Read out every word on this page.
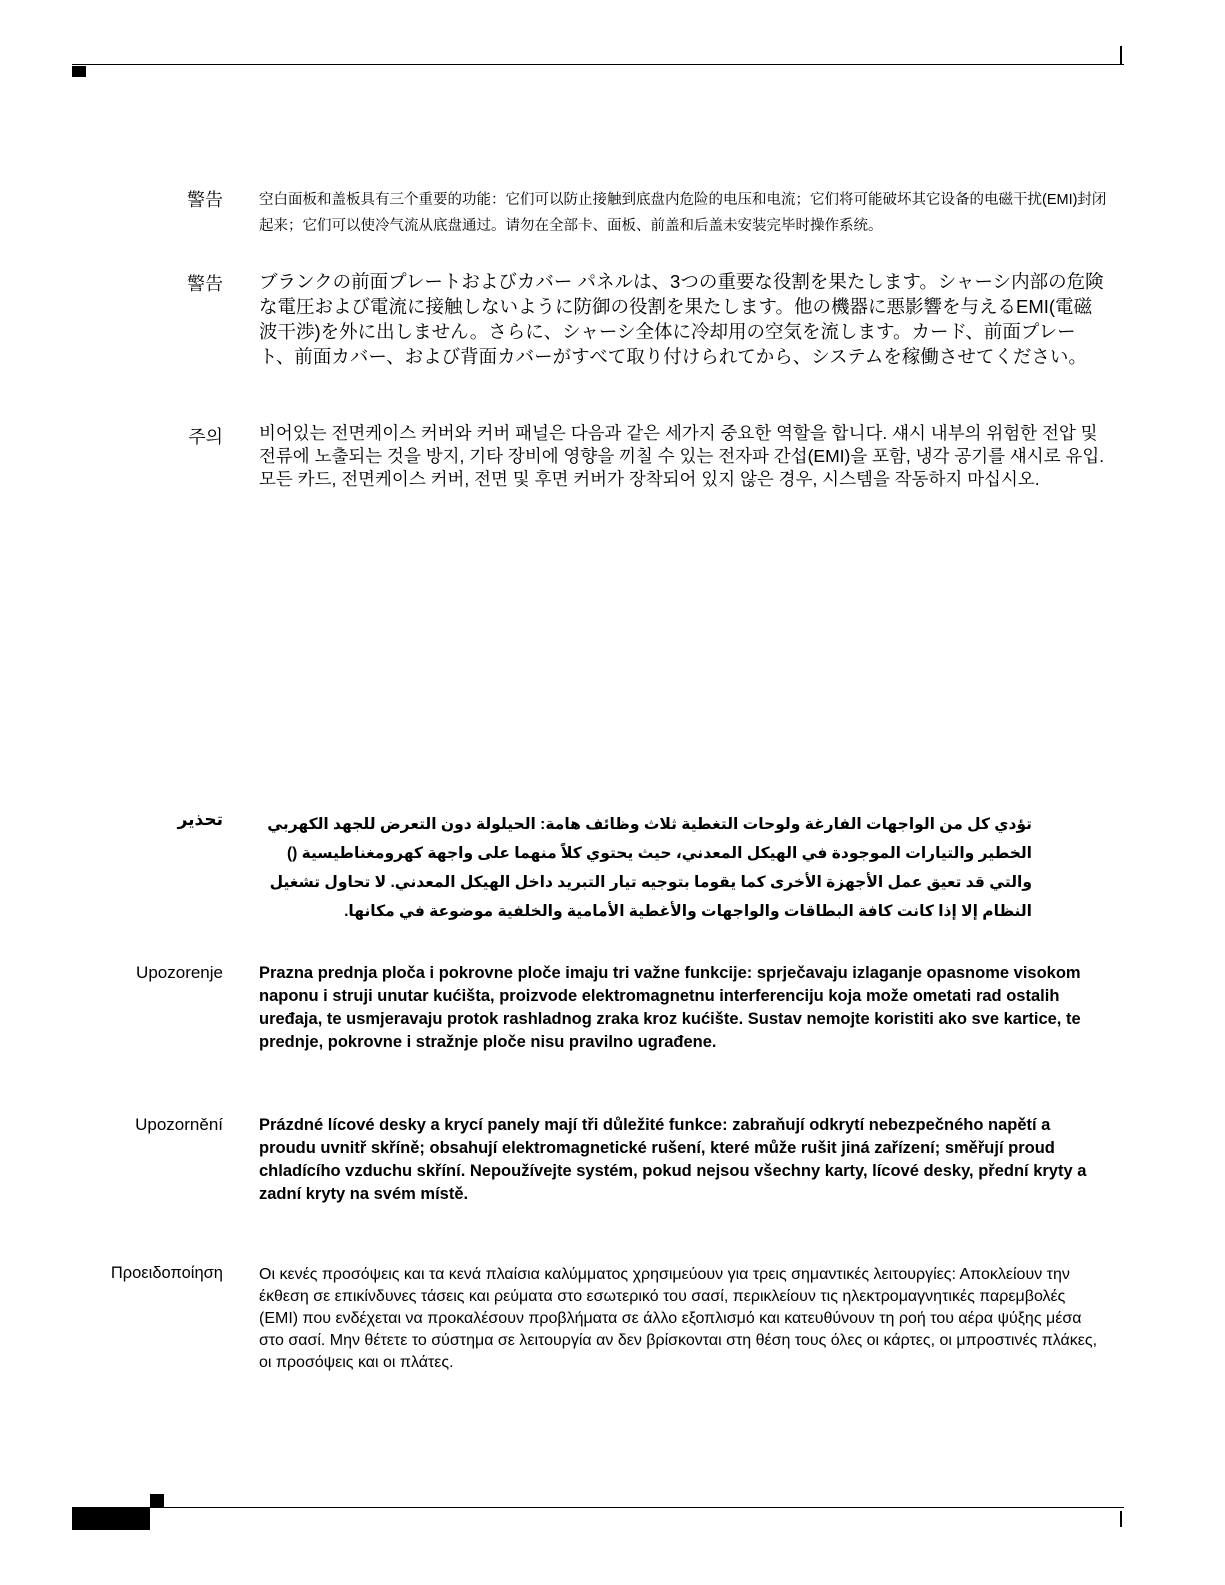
警告 空白面板和盖板具有三个重要的功能：它们可以防止接触到底盘内危险的电压和电流；它们将可能破坏其它设备的电磁干扰(EMI)封闭起来；它们可以使冷气流从底盘通过。请勿在全部卡、面板、前盖和后盖未安装完毕时操作系统。
警告 ブランクの前面プレートおよびカバー パネルは、3つの重要な役割を果たします。シャーシ内部の危険な電圧および電流に接触しないように防御の役割を果たします。他の機器に悪影響を与えるEMI(電磁波干渉)を外に出しません。さらに、シャーシ全体に冷却用の空気を流します。カード、前面プレート、前面カバー、および背面カバーがすべて取り付けられてから、システムを稼働させてください。
주의 비어있는 전면케이스 커버와 커버 패널은 다음과 같은 세가지 중요한 역할을 합니다. 섀시 내부의 위험한 전압 및 전류에 노출되는 것을 방지, 기타 장비에 영향을 끼칠 수 있는 전자파 간섭(EMI)을 포함, 냉각 공기를 섀시로 유입. 모든 카드, 전면케이스 커버, 전면 및 후면 커버가 장착되어 있지 않은 경우, 시스템을 작동하지 마십시오.
تحذير	تؤدي كل من الواجهات الفارغة ولوحات التغطية ثلاث وظائف هامة: الحيلولة دون التعرض للجهد الكهربي الخطير والتيارات الموجودة في الهيكل المعدني، حيث يحتوي كلاً منهما على واجهة كهرومغناطيسية () والتي قد تعيق عمل الأجهزة الأخرى كما يقوما بتوجيه تيار التبريد داخل الهيكل المعدني. لا تحاول تشغيل النظام إلا إذا كانت كافة البطاقات والواجهات والأغطية الأمامية والخلفية موضوعة في مكانها.
Upozorenje Prazna prednja ploča i pokrovne ploče imaju tri važne funkcije: sprječavaju izlaganje opasnome visokom naponu i struji unutar kućišta, proizvode elektromagnetnu interferenciju koja može ometati rad ostalih uređaja, te usmjeravaju protok rashladnog zraka kroz kućište. Sustav nemojte koristiti ako sve kartice, te prednje, pokrovne i stražnje ploče nisu pravilno ugrađene.
Upozornění Prázdné lícové desky a krycí panely mají tři důležité funkce: zabraňují odkrytí nebezpečného napětí a proudu uvnitř skříně; obsahují elektromagnetické rušení, které může rušit jiná zařízení; směřují proud chladícího vzduchu skříní. Nepoužívejte systém, pokud nejsou všechny karty, lícové desky, přední kryty a zadní kryty na svém místě.
Προειδοποίηση Οι κενές προσόψεις και τα κενά πλαίσια καλύμματος χρησιμεύουν για τρεις σημαντικές λειτουργίες: Αποκλείουν την έκθεση σε επικίνδυνες τάσεις και ρεύματα στο εσωτερικό του σασί, περικλείουν τις ηλεκτρομαγνητικές παρεμβολές (EMI) που ενδέχεται να προκαλέσουν προβλήματα σε άλλο εξοπλισμό και κατευθύνουν τη ροή του αέρα ψύξης μέσα στο σασί. Μην θέτετε το σύστημα σε λειτουργία αν δεν βρίσκονται στη θέση τους όλες οι κάρτες, οι μπροστινές πλάκες, οι προσόψεις και οι πλάτες.
